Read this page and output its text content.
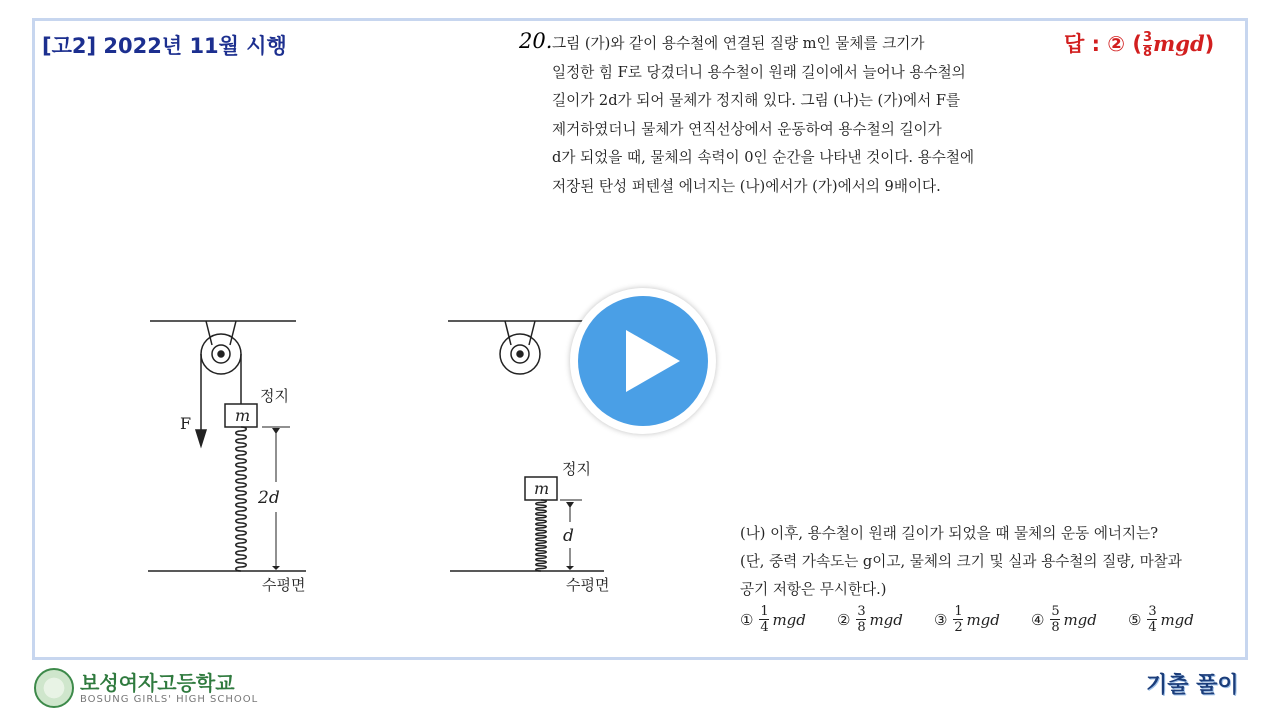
[고2] 2022년 11월 시행	답 : ② $(\frac{3}{8} mgd)$
20. 그림 (가)와 같이 용수철에 연결된 질량 m인 물체를 크기가

일정한 힘 F로 당겼더니 용수철이 원래 길이에서 늘어나 용수철의

길이가 2d가 되어 물체가 정지해 있다. 그림 (나)는 (가)에서 F를

제거하였더니 물체가 연직선상에서 운동하여 용수철의 길이가

d가 되었을 때, 물체의 속력이 0인 순간을 나타낸 것이다. 용수철에

저장된 탄성 퍼텐셜 에너지는 (나)에서가 (가)에서의 9배이다.

F	m
정지
2d
수평면
m
정지
d
수평면

(나) 이후, 용수철이 원래 길이가 되었을 때 물체의 운동 에너지는?

(단, 중력 가속도는 g이고, 물체의 크기 및 실과 용수철의 질량, 마찰과

공기 저항은 무시한다.)

① 1
4 mgd ② 3
8 mgd ③ 1
2 mgd ④ 5
8 mgd ⑤ 3
4 mgd
보성여자고등학교
BOSUNG GIRLS' HIGH SCHOOL
기출 풀이
